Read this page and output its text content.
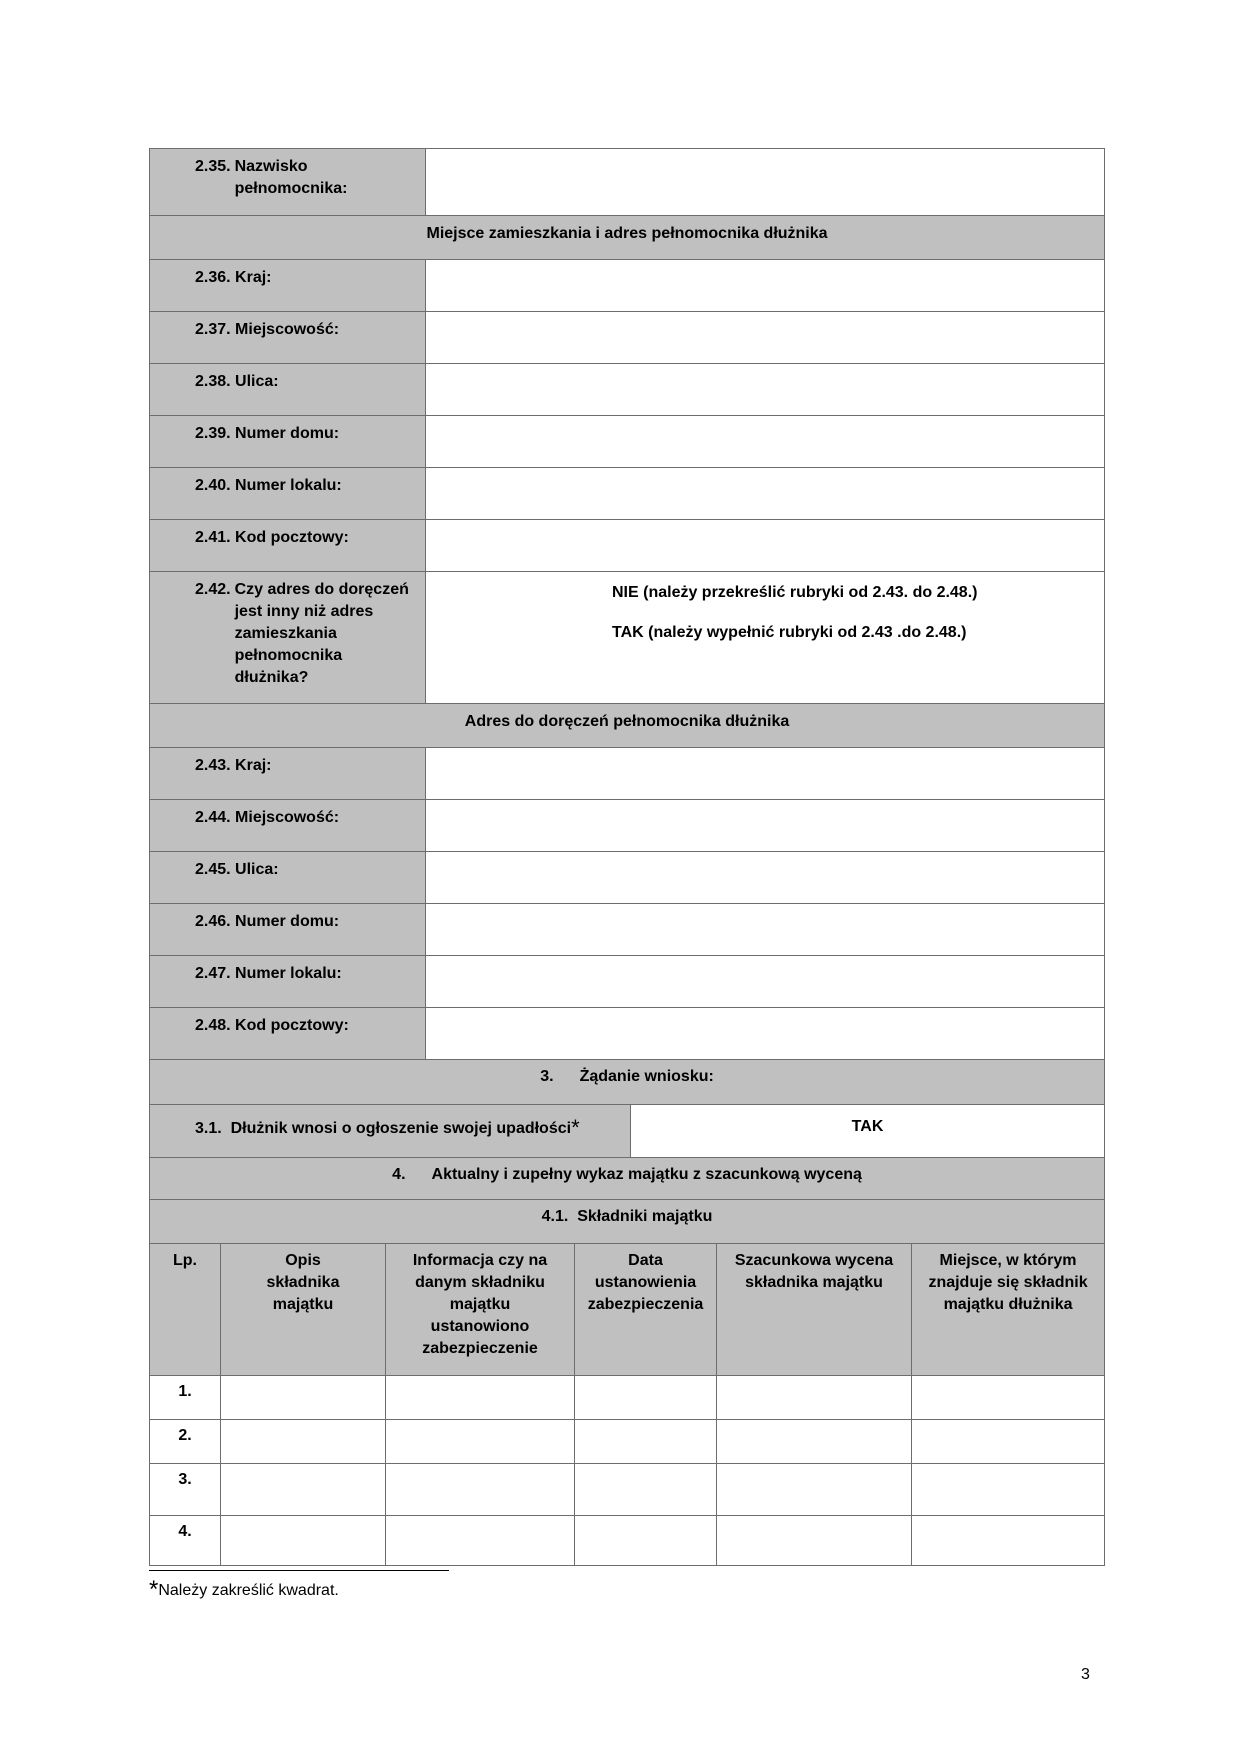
2.35. Nazwisko pełnomocnika:							

Miejsce zamieszkania i adres pełnomocnika dłużnika							
2.36. Kraj:							
2.37. Miejscowość:							
2.38. Ulica:							
2.39. Numer domu:							
2.40. Numer lokalu:							
2.41. Kod pocztowy:							

2.42. Czy adres do doręczeń jest inny niż adres zamieszkania pełnomocnika dłużnika?			NIE (należy przekreślić rubryki od 2.43. do 2.48.)
TAK (należy wypełnić rubryki od 2.43 .do 2.48.)				

Adres do doręczeń pełnomocnika dłużnika							
2.43. Kraj:							
2.44. Miejscowość:							
2.45. Ulica:							
2.46. Numer domu:							
2.47. Numer lokalu:							
2.48. Kod pocztowy:							
3. Żądanie wniosku:							
3.1. Dłużnik wnosi o ogłoszenie swojej upadłości*					TAK		
4. Aktualny i zupełny wykaz majątku z szacunkową wyceną							
4.1.  Składniki majątku							
Lp.	Opis składnika majątku	Informacja czy na danym składniku majątku ustanowiono zabezpieczenie		Data ustanowienia zabezpieczenia		Szacunkowa wycena składnika majątku	Miejsce, w którym znajduje się składnik majątku dłużnika

1.							
2.							
3.							
4.							
*Należy zakreślić kwadrat.
3
